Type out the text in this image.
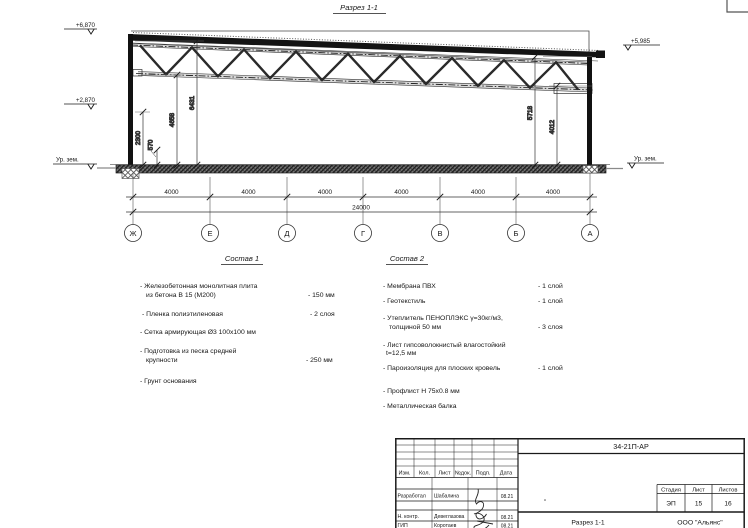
Разрез 1-1
+6,870
+2,870
+5,985
Ур. зем.	Ур. зем.
2300 570
4658
6431
5718
4012
4000	4000	4000	4000	4000	4000
24000
Ж	Е	Д	Г	В	Б	А
Состав 1
- Железобетонная монолитная плита
из бетона В 15 (М200)	- 150 мм
- Пленка полиэтиленовая	- 2 слоя
- Сетка армирующая Ø3 100х100 мм
- Подготовка из песка средней
крупности	- 250 мм
- Грунт основания
Состав 2
- Мембрана ПВХ	- 1 слой
- Геотекстиль	- 1 слой
- Утеплитель ПЕНОПЛЭКС γ=30кг/м3,
толщиной 50 мм	- 3 слоя
- Лист гипсоволокнистый влагостойкий
t=12,5 мм
- Пароизоляция для плоских кровель	- 1 слой
- Профлист Н 75х0.8 мм
- Металлическая балка
Изм. Кол. Лист №док. Подп. Дата
Разработал Шабалина	08.21
Н. контр.	Девеглазова	08.21
ГИП	Коротаев	08.21
34-21П-АР
Стадия Лист Листов
ЭП	15	16
Разрез 1-1	ООО "Альянс"
